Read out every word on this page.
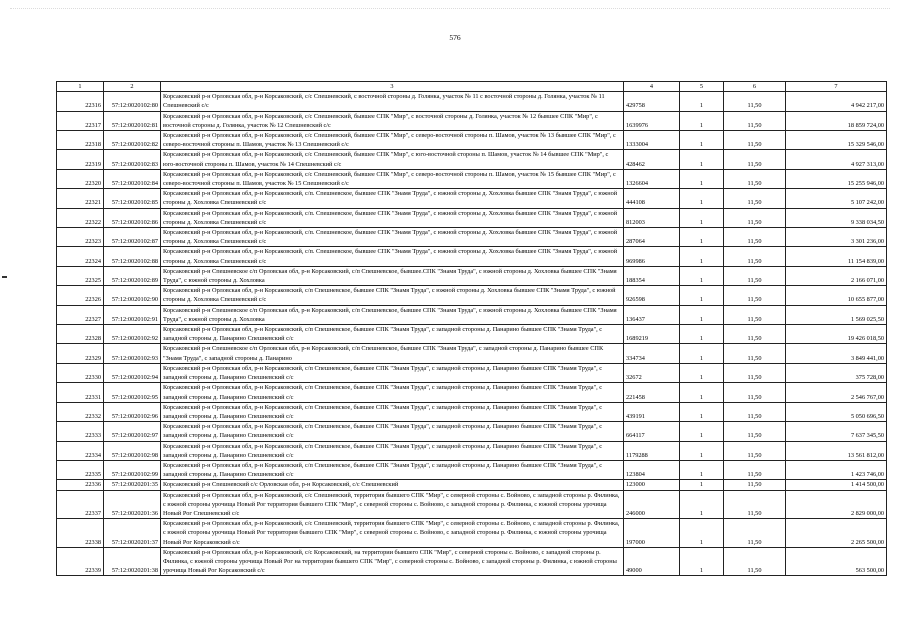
576
1	2	3	4	5	6	7
22316	57:12:0020102:80	Корсаковский р-н Орловская обл, р-н Корсаковский, с/с Спешневский, с восточной стороны д. Голянка, участок № 11 с восточной стороны д. Голянка, участок № 11 Спешневский с/с	429758	1	11,50	4 942 217,00
22317	57:12:0020102:81	Корсаковский р-н Орловская обл, р-н Корсаковский, с/с Спешневский, бывшее СПК "Мир", с восточной стороны д. Голянка, участок № 12 бывшее СПК "Мир", с восточной стороны д. Голянка, участок № 12 Спешневский с/с	1639976	1	11,50	18 859 724,00
22318	57:12:0020102:82	Корсаковский р-н Орловская обл, р-н Корсаковский, с/с Спешневский, бывшее СПК "Мир", с северо-восточной стороны п. Шамов, участок № 13 бывшее СПК "Мир", с северо-восточной стороны п. Шамов, участок № 13 Спешневский с/с	1333004	1	11,50	15 329 546,00
22319	57:12:0020102:83	Корсаковский р-н Орловская обл, р-н Корсаковский, с/с Спешневский, бывшее СПК "Мир", с юго-восточной стороны п. Шамов, участок № 14 бывшее СПК "Мир", с юго-восточной стороны п. Шамов, участок № 14 Спешневский с/с	428462	1	11,50	4 927 313,00
22320	57:12:0020102:84	Корсаковский р-н Орловская обл, р-н Корсаковский, с/с Спешневский, бывшее СПК "Мир", с северо-восточной стороны п. Шамов, участок № 15 бывшее СПК "Мир", с северо-восточной стороны п. Шамов, участок № 15 Спешневский с/с	1326604	1	11,50	15 255 946,00
22321	57:12:0020102:85	Корсаковский р-н Орловская обл, р-н Корсаковский, с/п. Спешневское, бывшее СПК "Знамя Труда", с южной стороны д. Хохловка бывшее СПК "Знамя Труда", с южной стороны д. Хохловка Спешневский с/с	444108	1	11,50	5 107 242,00
22322	57:12:0020102:86	Корсаковский р-н Орловская обл, р-н Корсаковский, с/п. Спешневское, бывшее СПК "Знамя Труда", с южной стороны д. Хохловка бывшее СПК "Знамя Труда", с южной стороны д. Хохловка Спешневский с/с	812003	1	11,50	9 338 034,50
22323	57:12:0020102:87	Корсаковский р-н Орловская обл, р-н Корсаковский, с/п. Спешневское, бывшее СПК "Знамя Труда", с южной стороны д. Хохловка бывшее СПК "Знамя Труда", с южной стороны д. Хохловка Спешневский с/с	287064	1	11,50	3 301 236,00
22324	57:12:0020102:88	Корсаковский р-н Орловская обл, р-н Корсаковский, с/п. Спешневское, бывшее СПК "Знамя Труда", с южной стороны д. Хохловка бывшее СПК "Знамя Труда", с южной стороны д. Хохловка Спешневский с/с	969986	1	11,50	11 154 839,00
22325	57:12:0020102:89	Корсаковский р-н Спешневское с/п Орловская обл, р-н Корсаковский, с/п Спешневское, бывшее.СПК "Знамя Труда", с южной стороны д. Хохловка бывшее СПК "Знамя Труда", с южной стороны д. Хохловка	188354	1	11,50	2 166 071,00
22326	57:12:0020102:90	Корсаковский р-н Орловская обл, р-н Корсаковский, с/п Спешневское, бывшее СПК "Знамя Труда", с южной стороны д. Хохловка бывшее СПК "Знамя Труда", с южной стороны д. Хохловка Спешневский с/с	926598	1	11,50	10 655 877,00
22327	57:12:0020102:91	Корсаковский р-н Спешневское с/п Орловская обл, р-н Корсаковский, с/п Спешневское, бывшее СПК "Знамя Труда", с южной стороны д. Хохловка бывшее СПК "Знамя Труда", с южной стороны д. Хохловка	136437	1	11,50	1 569 025,50
22328	57:12:0020102:92	Корсаковский р-н Орловская обл, р-н Корсаковский, с/п Спешневское, бывшее СПК "Знамя Труда", с западной стороны д. Панарино бывшее СПК "Знамя Труда", с западной стороны д. Панарино Спешневский с/с	1689219	1	11,50	19 426 018,50
22329	57:12:0020102:93	Корсаковский р-н Спешневское с/п Орловская обл, р-н Корсаковский, с/п Спешневское, бывшее СПК "Знамя Труда", с западной стороны д. Панарино бывшее СПК "Знамя Труда", с западной стороны д. Панарино	334734	1	11,50	3 849 441,00
22330	57:12:0020102:94	Корсаковский р-н Орловская обл, р-н Корсаковский, с/п Спешневское, бывшее СПК "Знамя Труда", с западной стороны д. Панарино бывшее СПК "Знамя Труда", с западной стороны д. Панарино Спешневский с/с	32672	1	11,50	375 728,00
22331	57:12:0020102:95	Корсаковский р-н Орловская обл, р-н Корсаковский, с/п Спешневское, бывшее СПК "Знамя Труда", с западной стороны д. Панарино бывшее СПК "Знамя Труда", с западной стороны д. Панарино Спешневский с/с	221458	1	11,50	2 546 767,00
22332	57:12:0020102:96	Корсаковский р-н Орловская обл, р-н Корсаковский, с/п Спешневское, бывшее СПК "Знамя Труда", с западной стороны д. Панарино бывшее СПК "Знамя Труда", с западной стороны д. Панарино Спешневский с/с	439191	1	11,50	5 050 696,50
22333	57:12:0020102:97	Корсаковский р-н Орловская обл, р-н Корсаковский, с/п Спешневское, бывшее СПК "Знамя Труда", с западной стороны д. Панарино бывшее СПК "Знамя Труда", с западной стороны д. Панарино Спешневский с/с	664117	1	11,50	7 637 345,50
22334	57:12:0020102:98	Корсаковский р-н Орловская обл, р-н Корсаковский, с/п Спешневское, бывшее СПК "Знамя Труда", с западной стороны д. Панарино бывшее СПК "Знамя Труда", с западной стороны д. Панарино Спешневский с/с	1179288	1	11,50	13 561 812,00
22335	57:12:0020102:99	Корсаковский р-н Орловская обл, р-н Корсаковский, с/п Спешневское, бывшее СПК "Знамя Труда", с западной стороны д. Панарино бывшее СПК "Знамя Труда", с западной стороны д. Панарино Спешневский с/с	123804	1	11,50	1 423 746,00
22336	57:12:0020201:35	Корсаковский р-н Спешневский с/с Орловская обл, р-н Корсаковский, с/с Спешневский	123000	1	11,50	1 414 500,00
22337	57:12:0020201:36	Корсаковский р-н Орловская обл, р-н Корсаковский, с/с Спешневский, территория бывшего СПК "Мир", с северной стороны с. Войново, с западной стороны р. Филинка, с южной стороны урочища Новый Рог территория бывшего СПК "Мир", с северной стороны с. Войново, с западной стороны р. Филинка, с южной стороны урочища Новый Рог Спешневский с/с	246000	1	11,50	2 829 000,00
22338	57:12:0020201:37	Корсаковский р-н Орловская обл, р-н Корсаковский, с/с Спешневский, территория бывшего СПК "Мир", с северной стороны с. Войново, с западной стороны р. Филинка, с южной стороны урочища Новый Рог территория бывшего СПК "Мир", с северной стороны с. Войново, с западной стороны р. Филинка, с южной стороны урочища Новый Рог Корсаковский с/с	197000	1	11,50	2 265 500,00
22339	57:12:0020201:38	Корсаковский р-н Орловская обл, р-н Корсаковский, с/с Корсаковский, на территории бывшего СПК "Мир", с северной стороны с. Войново, с западной стороны р. Филинка, с южной стороны урочища Новый Рог на территории бывшего СПК "Мир", с северной стороны с. Войново, с западной стороны р. Филинка, с южной стороны урочища Новый Рог Корсаковский с/с	49000	1	11,50	563 500,00
